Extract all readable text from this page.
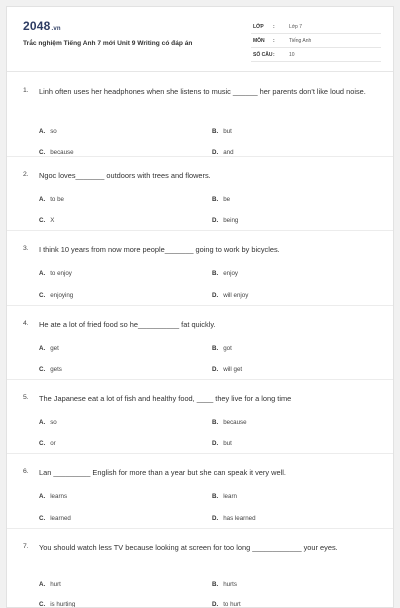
2048.vn
Trắc nghiệm Tiếng Anh 7 mới Unit 9 Writing có đáp án
LỚP :	Lớp 7
MÔN :	Tiếng Anh
SỐ CÂU :	10
1. Linh often uses her headphones when she listens to music ______ her parents don't like loud noise.
A. so	B. but
C. because	D. and
2. Ngoc loves_______ outdoors with trees and flowers.
A. to be	B. be
C. X	D. being
3. I think 10 years from now more people_______ going to work by bicycles.
A. to enjoy	B. enjoy
C. enjoying	D. will enjoy
4. He ate a lot of fried food so he__________ fat quickly.
A. get	B. got
C. gets	D. will get
5. The Japanese eat a lot of fish and healthy food, ____ they live for a long time
A. so	B. because
C. or	D. but
6. Lan _________ English for more than a year but she can speak it very well.
A. learns	B. learn
C. learned	D. has learned
7. You should watch less TV because looking at screen for too long ____________ your eyes.
A. hurt	B. hurts
C. is hurting	D. to hurt
